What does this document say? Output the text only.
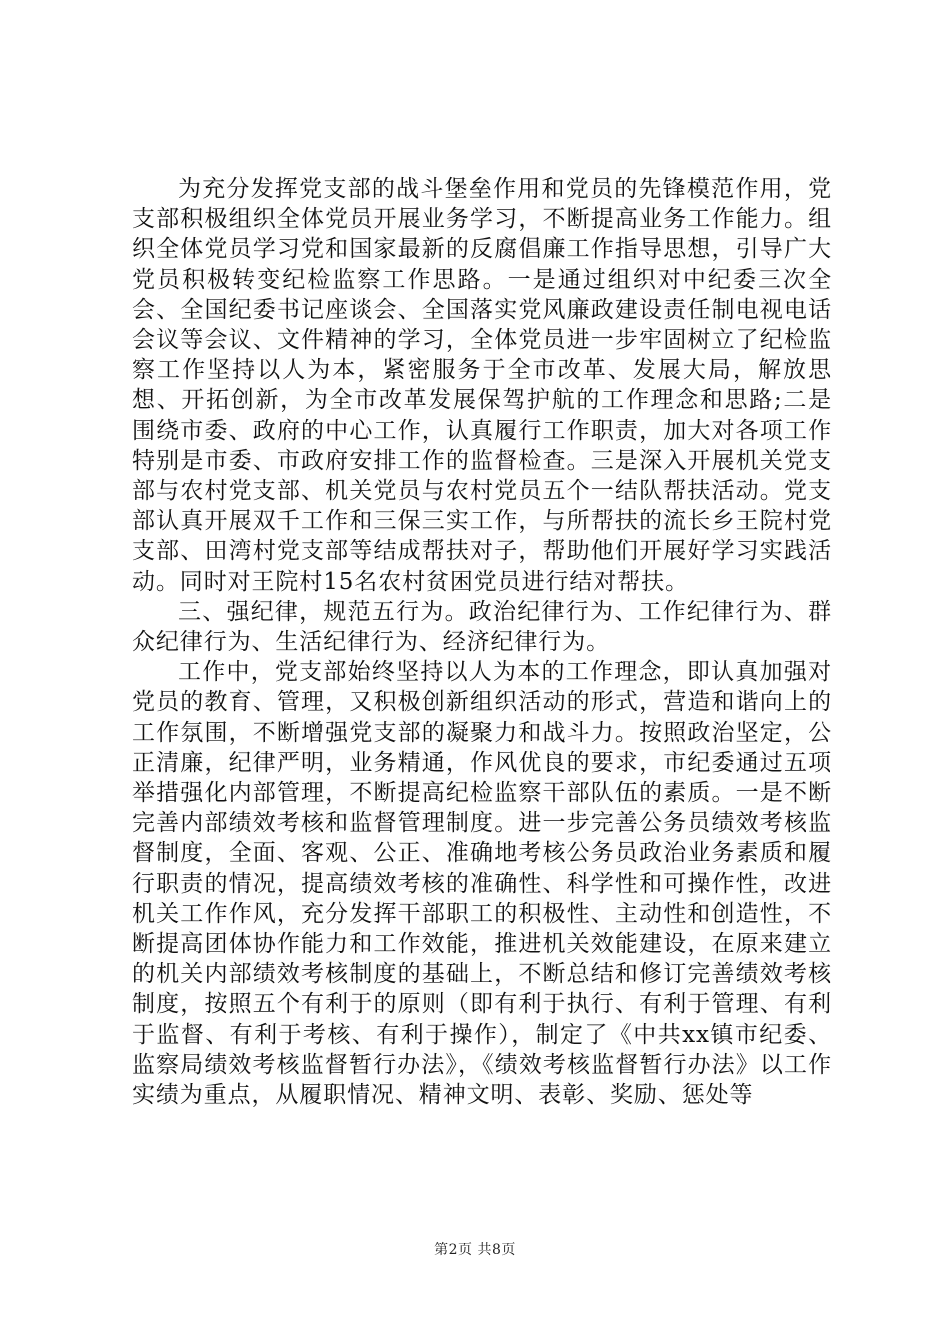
为充分发挥党支部的战斗堡垒作用和党员的先锋模范作用，党支部积极组织全体党员开展业务学习，不断提高业务工作能力。组织全体党员学习党和国家最新的反腐倡廉工作指导思想，引导广大党员积极转变纪检监察工作思路。一是通过组织对中纪委三次全会、全国纪委书记座谈会、全国落实党风廉政建设责任制电视电话会议等会议、文件精神的学习，全体党员进一步牢固树立了纪检监察工作坚持以人为本，紧密服务于全市改革、发展大局，解放思想、开拓创新，为全市改革发展保驾护航的工作理念和思路;二是围绕市委、政府的中心工作，认真履行工作职责，加大对各项工作特别是市委、市政府安排工作的监督检查。三是深入开展机关党支部与农村党支部、机关党员与农村党员五个一结队帮扶活动。党支部认真开展双千工作和三保三实工作，与所帮扶的流长乡王院村党支部、田湾村党支部等结成帮扶对子，帮助他们开展好学习实践活动。同时对王院村15名农村贫困党员进行结对帮扶。

三、强纪律，规范五行为。政治纪律行为、工作纪律行为、群众纪律行为、生活纪律行为、经济纪律行为。

工作中，党支部始终坚持以人为本的工作理念，即认真加强对党员的教育、管理，又积极创新组织活动的形式，营造和谐向上的工作氛围，不断增强党支部的凝聚力和战斗力。按照政治坚定，公正清廉，纪律严明，业务精通，作风优良的要求，市纪委通过五项举措强化内部管理，不断提高纪检监察干部队伍的素质。一是不断完善内部绩效考核和监督管理制度。进一步完善公务员绩效考核监督制度，全面、客观、公正、准确地考核公务员政治业务素质和履行职责的情况，提高绩效考核的准确性、科学性和可操作性，改进机关工作作风，充分发挥干部职工的积极性、主动性和创造性，不断提高团体协作能力和工作效能，推进机关效能建设，在原来建立的机关内部绩效考核制度的基础上，不断总结和修订完善绩效考核制度，按照五个有利于的原则（即有利于执行、有利于管理、有利于监督、有利于考核、有利于操作），制定了《中共xx镇市纪委、监察局绩效考核监督暂行办法》，《绩效考核监督暂行办法》以工作实绩为重点，从履职情况、精神文明、表彰、奖励、惩处等

第2页 共8页
